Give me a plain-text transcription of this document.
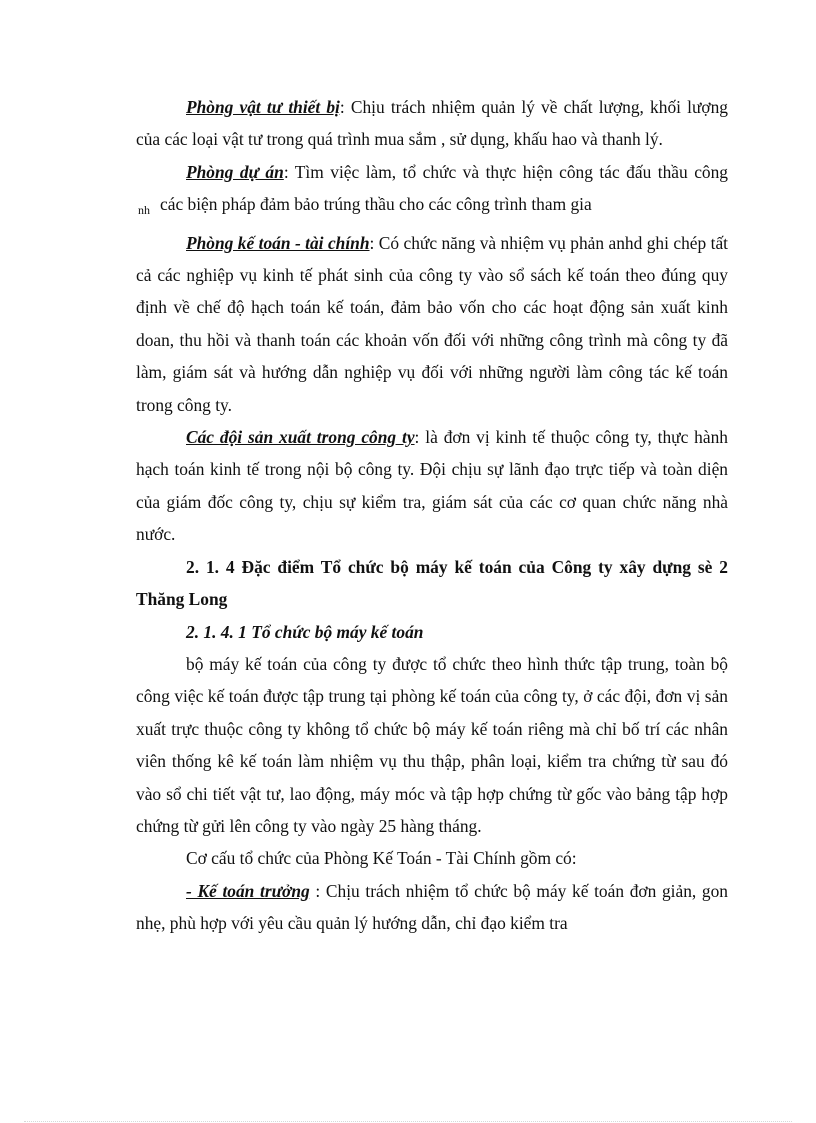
Phòng vật tư thiết bị: Chịu trách nhiệm quản lý về chất lượng, khối lượng của các loại vật tư trong quá trình mua sắm , sử dụng, khấu hao và thanh lý.

Phòng dự án: Tìm việc làm, tổ chức và thực hiện công tác đấu thầu công $_{nh}$ các biện pháp đảm bảo trúng thầu cho các công trình tham gia

Phòng kế toán - tài chính: Có chức năng và nhiệm vụ phản anhd ghi chép tất cả các nghiệp vụ kinh tế phát sinh của công ty vào sổ sách kế toán theo đúng quy định về chế độ hạch toán kế toán, đảm bảo vốn cho các hoạt động sản xuất kinh doan, thu hồi và thanh toán các khoản vốn đối với những công trình mà công ty đã làm, giám sát và hướng dẫn nghiệp vụ đối với những người làm công tác kế toán trong công ty.

Các đội sản xuất trong công ty: là đơn vị kinh tế thuộc công ty, thực hành hạch toán kinh tế trong nội bộ công ty. Đội chịu sự lãnh đạo trực tiếp và toàn diện của giám đốc công ty, chịu sự kiểm tra, giám sát của các cơ quan chức năng nhà nước.

2. 1. 4 Đặc điểm Tổ chức bộ máy kế toán của Công ty xây dựng sè 2 Thăng Long

2. 1. 4. 1 Tổ chức bộ máy kế toán

bộ máy kế toán của công ty được tổ chức theo hình thức tập trung, toàn bộ công việc kế toán được tập trung tại phòng kế toán của công ty, ở các đội, đơn vị sản xuất trực thuộc công ty không tổ chức bộ máy kế toán riêng mà chỉ bố trí các nhân viên thống kê kế toán làm nhiệm vụ thu thập, phân loại, kiểm tra chứng từ sau đó vào sổ chi tiết vật tư, lao động, máy móc và tập hợp chứng từ gốc vào bảng tập hợp chứng từ gửi lên công ty vào ngày 25 hàng tháng.

Cơ cấu tổ chức của Phòng Kế Toán - Tài Chính gồm có:

- Kế toán trưởng : Chịu trách nhiệm tổ chức bộ máy kế toán đơn giản, gon nhẹ, phù hợp với yêu cầu quản lý hướng dẫn, chỉ đạo kiểm tra
